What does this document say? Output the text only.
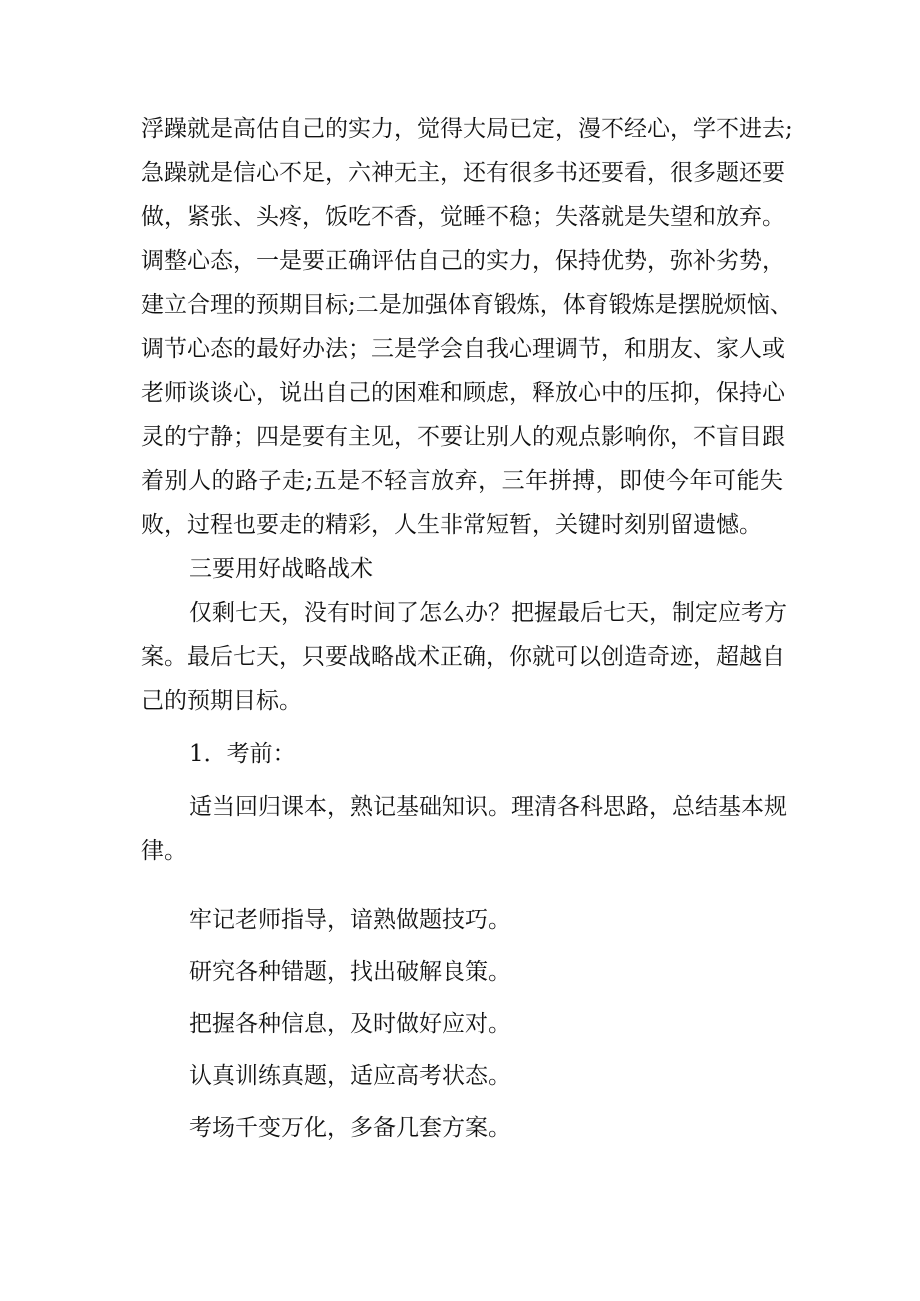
浮躁就是高估自己的实力，觉得大局已定，漫不经心，学不进去;

急躁就是信心不足，六神无主，还有很多书还要看，很多题还要

做，紧张、头疼，饭吃不香，觉睡不稳；失落就是失望和放弃。

调整心态，一是要正确评估自己的实力，保持优势，弥补劣势，

建立合理的预期目标;二是加强体育锻炼，体育锻炼是摆脱烦恼、

调节心态的最好办法；三是学会自我心理调节，和朋友、家人或

老师谈谈心，说出自己的困难和顾虑，释放心中的压抑，保持心

灵的宁静；四是要有主见，不要让别人的观点影响你，不盲目跟

着别人的路子走;五是不轻言放弃，三年拼搏，即使今年可能失

败，过程也要走的精彩，人生非常短暂，关键时刻别留遗憾。

三要用好战略战术

仅剩七天，没有时间了怎么办？把握最后七天，制定应考方

案。最后七天，只要战略战术正确，你就可以创造奇迹，超越自

己的预期目标。

1．考前：

适当回归课本，熟记基础知识。理清各科思路，总结基本规

律。

牢记老师指导，谙熟做题技巧。

研究各种错题，找出破解良策。

把握各种信息，及时做好应对。

认真训练真题，适应高考状态。

考场千变万化，多备几套方案。
